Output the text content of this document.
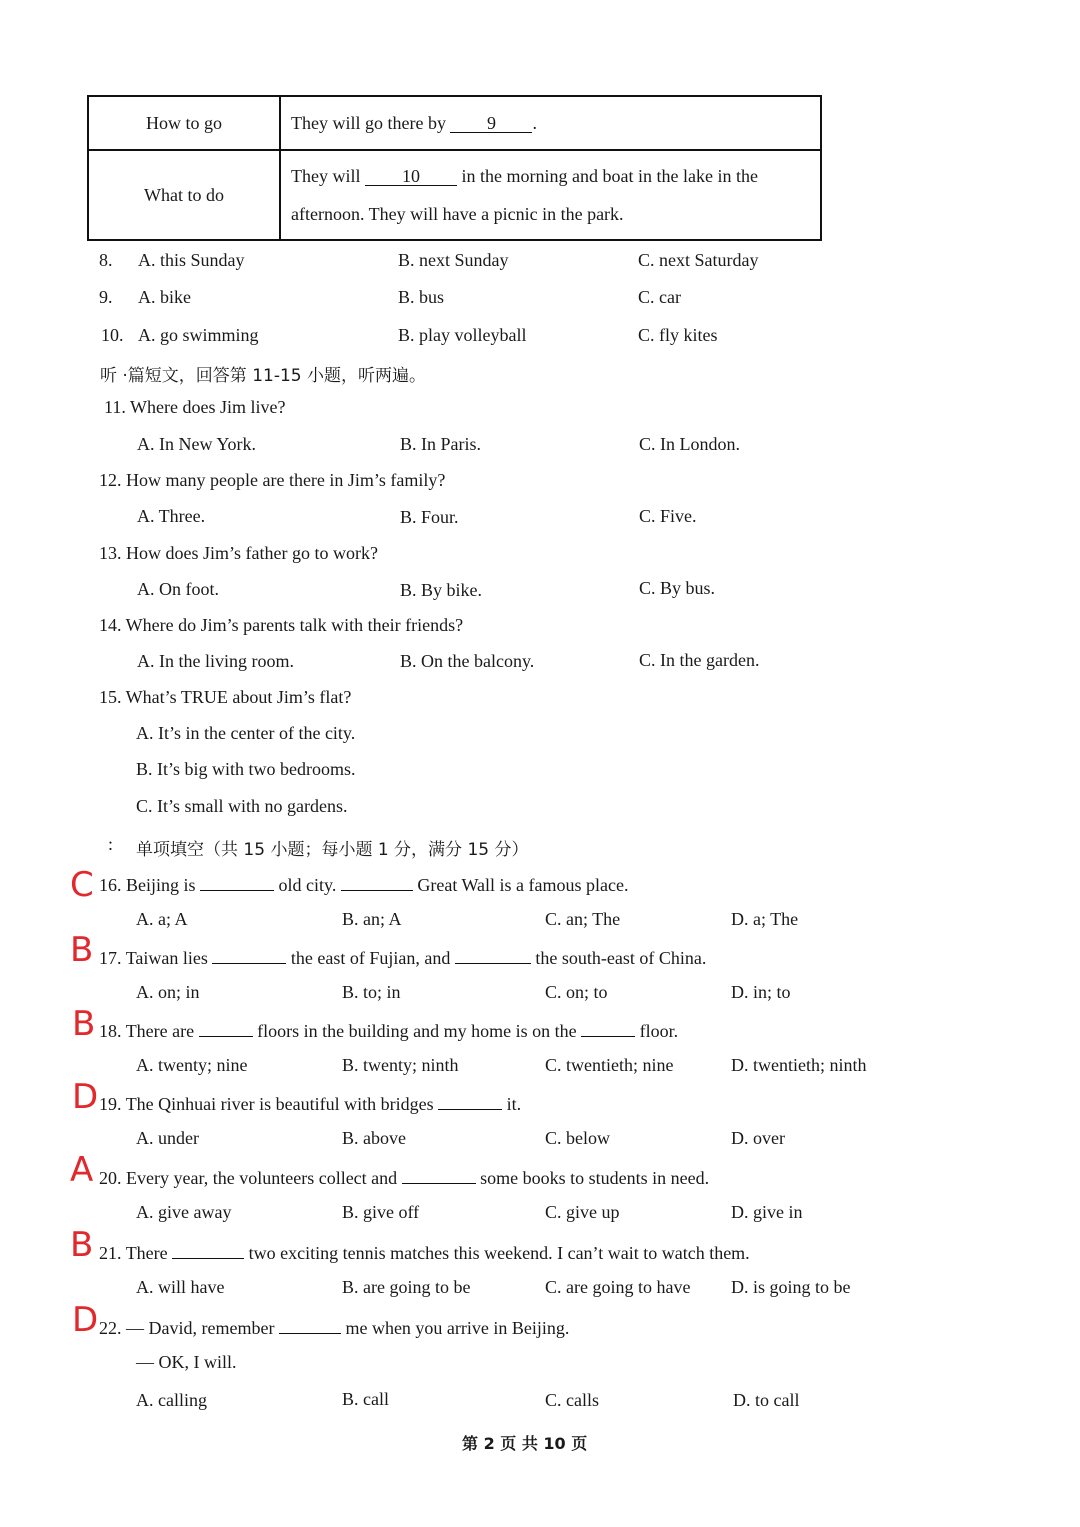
How to go	They will go there by 9 .
What to do	They will 10 in the morning and boat in the lake in the
afternoon. They will have a picnic in the park.
8. A. this Sunday	B. next Sunday	C. next Saturday
9. A. bike	B. bus	C. car
10. A. go swimming	B. play volleyball	C. fly kites
听 ·篇短文，回答第 11-15 小题，听两遍。
11. Where does Jim live?
A. In New York.	B. In Paris.	C. In London.
12. How many people are there in Jim’s family?
A. Three.	B. Four.	C. Five.
13. How does Jim’s father go to work?
A. On foot.	B. By bike.	C. By bus.
14. Where do Jim’s parents talk with their friends?
A. In the living room.	B. On the balcony.	C. In the garden.
15. What’s TRUE about Jim’s flat?
A. It’s in the center of the city.
B. It’s big with two bedrooms.
C. It’s small with no gardens.
: 单项填空（共 15 小题；每小题 1 分，满分 15 分）
C 16. Beijing is	old city.	Great Wall is a famous place.
A. a; A	B. an; A	C. an; The	D. a; The
B 17. Taiwan lies	the east of Fujian, and	the south-east of China.
A. on; in	B. to; in	C. on; to	D. in; to
B 18. There are	floors in the building and my home is on the	floor.
A. twenty; nine	B. twenty; ninth	C. twentieth; nine	D. twentieth; ninth
D 19. The Qinhuai river is beautiful with bridges	it.
A. under	B. above	C. below	D. over
A 20. Every year, the volunteers collect and	some books to students in need.
A. give away	B. give off	C. give up	D. give in
B 21. There	two exciting tennis matches this weekend. I can’t wait to watch them.
A. will have	B. are going to be	C. are going to have D. is going to be
D 22. — David, remember	me when you arrive in Beijing.
— OK, I will.
A. calling	B. call	C. calls	D. to call
第 2 页 共 10 页
